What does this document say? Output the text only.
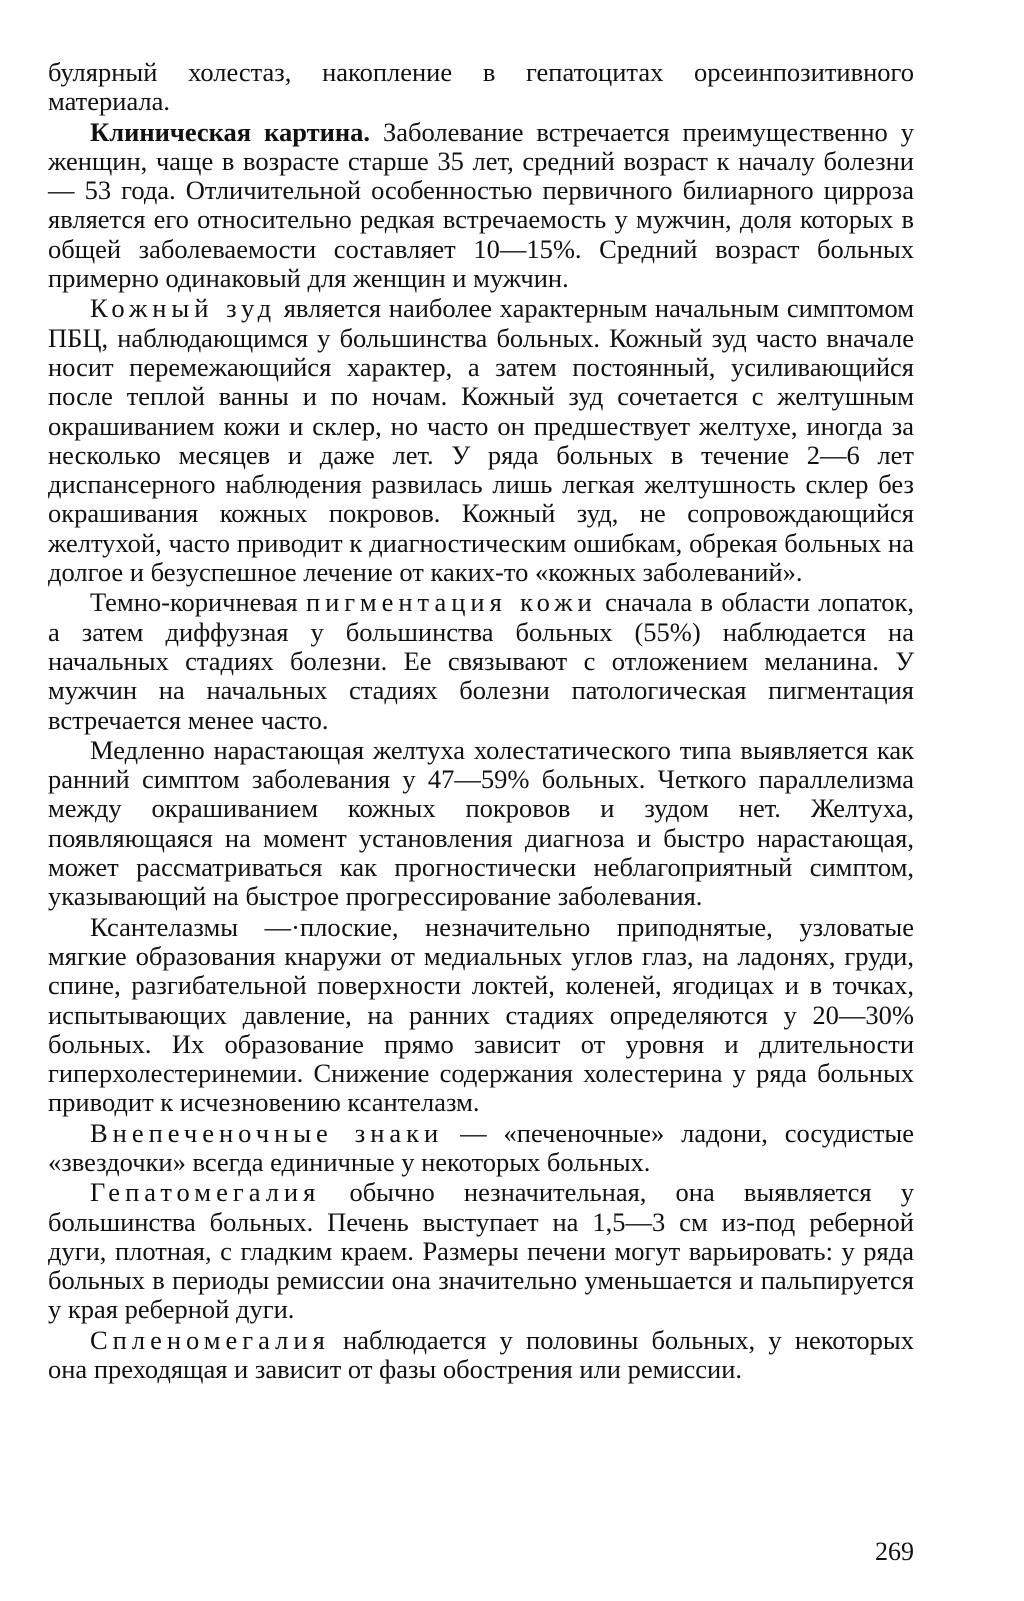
булярный холестаз, накопление в гепатоцитах орсеинпозитивного материала.

Клиническая картина. Заболевание встречается преимущественно у женщин, чаще в возрасте старше 35 лет, средний возраст к началу болезни — 53 года. Отличительной особенностью первичного билиарного цирроза является его относительно редкая встречаемость у мужчин, доля которых в общей заболеваемости составляет 10—15%. Средний возраст больных примерно одинаковый для женщин и мужчин.

Кожный зуд является наиболее характерным начальным симптомом ПБЦ, наблюдающимся у большинства больных. Кожный зуд часто вначале носит перемежающийся характер, а затем постоянный, усиливающийся после теплой ванны и по ночам. Кожный зуд сочетается с желтушным окрашиванием кожи и склер, но часто он предшествует желтухе, иногда за несколько месяцев и даже лет. У ряда больных в течение 2—6 лет диспансерного наблюдения развилась лишь легкая желтушность склер без окрашивания кожных покровов. Кожный зуд, не сопровождающийся желтухой, часто приводит к диагностическим ошибкам, обрекая больных на долгое и безуспешное лечение от каких-то «кожных заболеваний».

Темно-коричневая пигментация кожи сначала в области лопаток, а затем диффузная у большинства больных (55%) наблюдается на начальных стадиях болезни. Ее связывают с отложением меланина. У мужчин на начальных стадиях болезни патологическая пигментация встречается менее часто.

Медленно нарастающая желтуха холестатического типа выявляется как ранний симптом заболевания у 47—59% больных. Четкого параллелизма между окрашиванием кожных покровов и зудом нет. Желтуха, появляющаяся на момент установления диагноза и быстро нарастающая, может рассматриваться как прогностически неблагоприятный симптом, указывающий на быстрое прогрессирование заболевания.

Ксантелазмы —·плоские, незначительно приподнятые, узловатые мягкие образования кнаружи от медиальных углов глаз, на ладонях, груди, спине, разгибательной поверхности локтей, коленей, ягодицах и в точках, испытывающих давление, на ранних стадиях определяются у 20—30% больных. Их образование прямо зависит от уровня и длительности гиперхолестеринемии. Снижение содержания холестерина у ряда больных приводит к исчезновению ксантелазм.

Внепеченочные знаки — «печеночные» ладони, сосудистые «звездочки» всегда единичные у некоторых больных.

Гепатомегалия обычно незначительная, она выявляется у большинства больных. Печень выступает на 1,5—3 см из-под реберной дуги, плотная, с гладким краем. Размеры печени могут варьировать: у ряда больных в периоды ремиссии она значительно уменьшается и пальпируется у края реберной дуги.

Спленомегалия наблюдается у половины больных, у некоторых она преходящая и зависит от фазы обострения или ремиссии.

269
